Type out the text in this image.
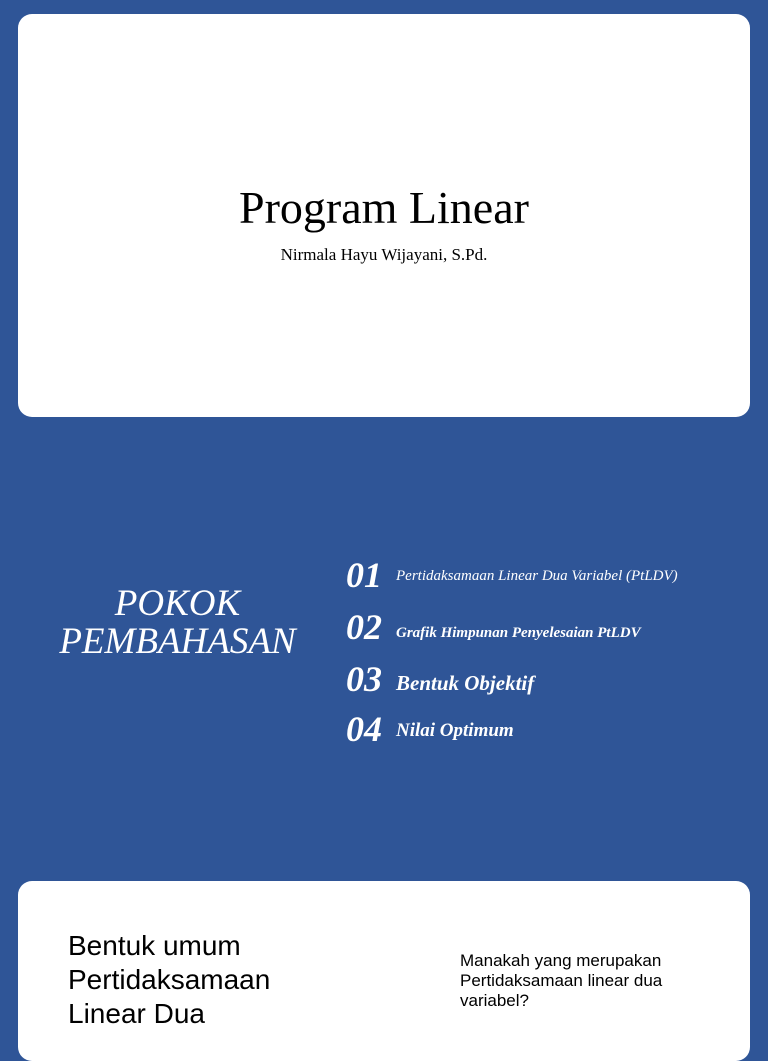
Program Linear
Nirmala Hayu Wijayani, S.Pd.
POKOK
PEMBAHASAN
01 Pertidaksamaan Linear Dua Variabel (PtLDV)
02 Grafik Himpunan Penyelesaian PtLDV
03 Bentuk Objektif
04 Nilai Optimum
Bentuk umum
Pertidaksamaan
Linear Dua
Manakah yang merupakan
Pertidaksamaan linear dua
variabel?
